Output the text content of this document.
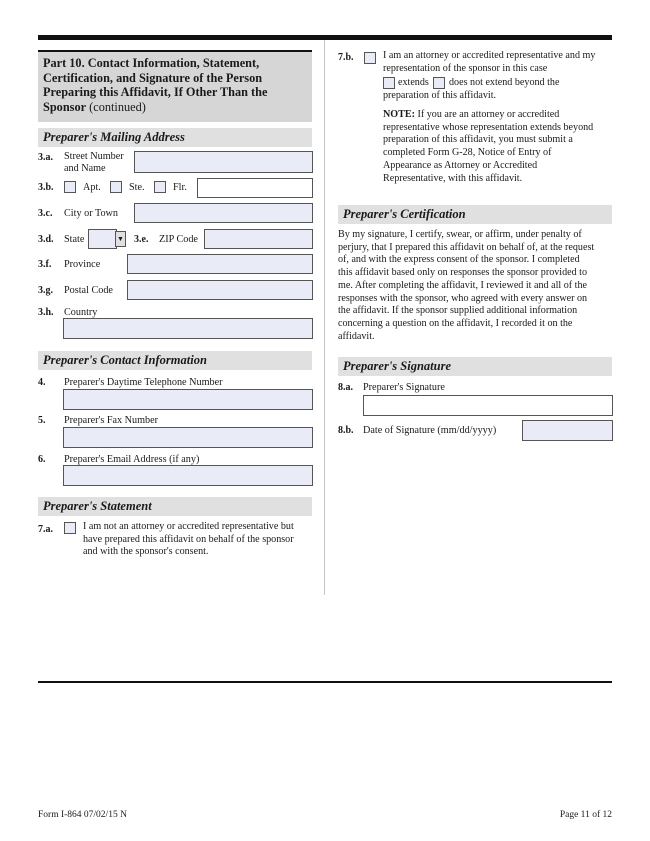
Part 10. Contact Information, Statement, Certification, and Signature of the Person Preparing this Affidavit, If Other Than the Sponsor (continued)
Preparer's Mailing Address
3.a. Street Number
and Name
3.b.	Apt.	Ste.	Flr.
3.c. City or Town
3.d. State	▼ 3.e. ZIP Code
3.f. Province
3.g. Postal Code
3.h. Country
Preparer's Contact Information
4. Preparer's Daytime Telephone Number
5. Preparer's Fax Number
6. Preparer's Email Address (if any)
Preparer's Statement
7.a.	I am not an attorney or accredited representative but
have prepared this affidavit on behalf of the sponsor
and with the sponsor's consent.
7.b.	I am an attorney or accredited representative and my
representation of the sponsor in this case
extends does not extend beyond the
preparation of this affidavit.
NOTE: If you are an attorney or accredited
representative whose representation extends beyond
preparation of this affidavit, you must submit a
completed Form G-28, Notice of Entry of
Appearance as Attorney or Accredited
Representative, with this affidavit.
Preparer's Certification
By my signature, I certify, swear, or affirm, under penalty of
perjury, that I prepared this affidavit on behalf of, at the request
of, and with the express consent of the sponsor. I completed
this affidavit based only on responses the sponsor provided to
me. After completing the affidavit, I reviewed it and all of the
responses with the sponsor, who agreed with every answer on
the affidavit. If the sponsor supplied additional information
concerning a question on the affidavit, I recorded it on the
affidavit.
Preparer's Signature
8.a. Preparer's Signature
8.b. Date of Signature (mm/dd/yyyy)
Form I-864 07/02/15 N	Page 11 of 12
